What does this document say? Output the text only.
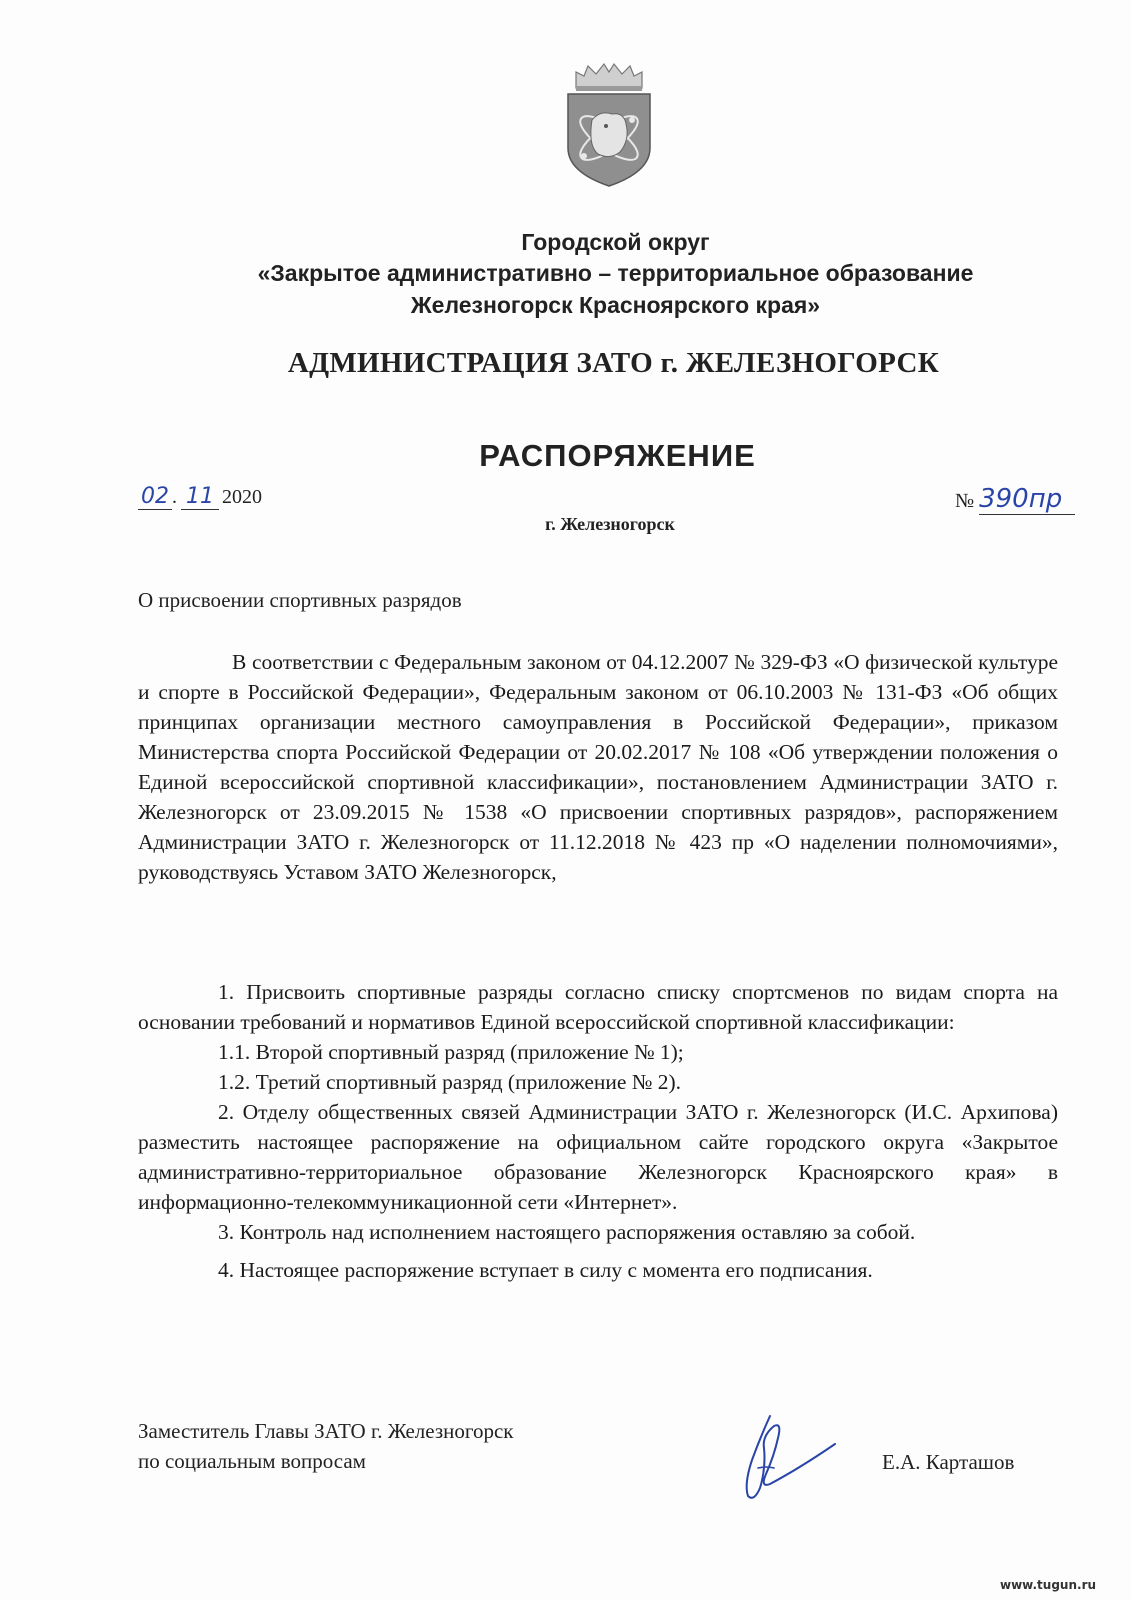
Городской округ
«Закрытое административно – территориальное образование
Железногорск Красноярского края»
АДМИНИСТРАЦИЯ ЗАТО г. ЖЕЛЕЗНОГОРСК
РАСПОРЯЖЕНИЕ
02 . 11 2020	№ 390пр
г. Железногорск
О присвоении спортивных разрядов
В соответствии с Федеральным законом от 04.12.2007 № 329-ФЗ «О физической культуре и спорте в Российской Федерации», Федеральным законом от 06.10.2003 № 131-ФЗ «Об общих принципах организации местного самоуправления в Российской Федерации», приказом Министерства спорта Российской Федерации от 20.02.2017 № 108 «Об утверждении положения о Единой всероссийской спортивной классификации», постановлением Администрации ЗАТО г. Железногорск от 23.09.2015 № 1538 «О присвоении спортивных разрядов», распоряжением Администрации ЗАТО г. Железногорск от 11.12.2018 № 423 пр «О наделении полномочиями», руководствуясь Уставом ЗАТО Железногорск,

1. Присвоить спортивные разряды согласно списку спортсменов по видам спорта на основании требований и нормативов Единой всероссийской спортивной классификации:

1.1. Второй спортивный разряд (приложение № 1);

1.2. Третий спортивный разряд (приложение № 2).

2. Отделу общественных связей Администрации ЗАТО г. Железногорск (И.С. Архипова) разместить настоящее распоряжение на официальном сайте городского округа «Закрытое административно-территориальное образование Железногорск Красноярского края» в информационно-телекоммуникационной сети «Интернет».

3. Контроль над исполнением настоящего распоряжения оставляю за собой.

4. Настоящее распоряжение вступает в силу с момента его подписания.

Заместитель Главы ЗАТО г. Железногорск
по социальным вопросам	Е.А. Карташов
www.tugun.ru
